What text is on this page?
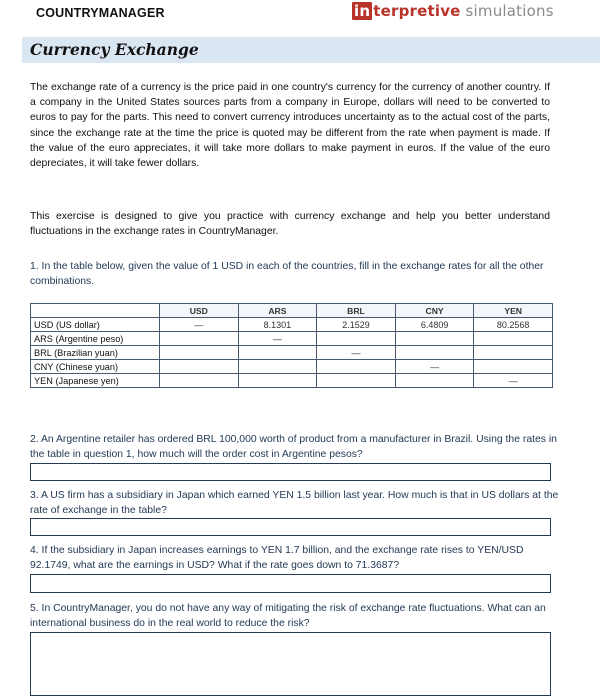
COUNTRYMANAGER	in terpretive simulations
Currency Exchange
The exchange rate of a currency is the price paid in one country's currency for the currency of another country. If a company in the United States sources parts from a company in Europe, dollars will need to be converted to euros to pay for the parts. This need to convert currency introduces uncertainty as to the actual cost of the parts, since the exchange rate at the time the price is quoted may be different from the rate when payment is made. If the value of the euro appreciates, it will take more dollars to make payment in euros. If the value of the euro depreciates, it will take fewer dollars.
This exercise is designed to give you practice with currency exchange and help you better understand fluctuations in the exchange rates in CountryManager.
1. In the table below, given the value of 1 USD in each of the countries, fill in the exchange rates for all the other combinations.
	USD	ARS	BRL	CNY	YEN
USD (US dollar)	—	8.1301	2.1529	6.4809	80.2568
ARS (Argentine peso)		—			
BRL (Brazilian yuan)			—		
CNY (Chinese yuan)				—	
YEN (Japanese yen)					—
2. An Argentine retailer has ordered BRL 100,000 worth of product from a manufacturer in Brazil. Using the rates in the table in question 1, how much will the order cost in Argentine pesos?
3. A US firm has a subsidiary in Japan which earned YEN 1.5 billion last year. How much is that in US dollars at the rate of exchange in the table?
4. If the subsidiary in Japan increases earnings to YEN 1.7 billion, and the exchange rate rises to YEN/USD 92.1749, what are the earnings in USD? What if the rate goes down to 71.3687?
5. In CountryManager, you do not have any way of mitigating the risk of exchange rate fluctuations. What can an international business do in the real world to reduce the risk?
